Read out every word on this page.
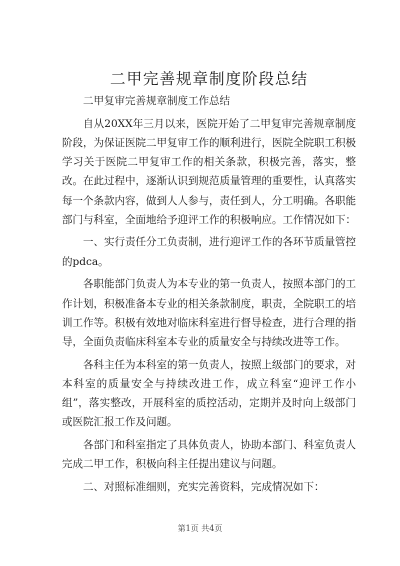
二甲完善规章制度阶段总结

二甲复审完善规章制度工作总结

自从20XX年三月以来，医院开始了二甲复审完善规章制度阶段，为保证医院二甲复审工作的顺利进行，医院全院职工积极学习关于医院二甲复审工作的相关条款，积极完善，落实，整改。在此过程中，逐渐认识到规范质量管理的重要性，认真落实每一个条款内容，做到人人参与，责任到人，分工明确。各职能部门与科室，全面地给予迎评工作的积极响应。工作情况如下：

一、实行责任分工负责制，进行迎评工作的各环节质量管控的pdca。

各职能部门负责人为本专业的第一负责人，按照本部门的工作计划，积极准备本专业的相关条款制度，职责，全院职工的培训工作等。积极有效地对临床科室进行督导检查，进行合理的指导，全面负责临床科室本专业的质量安全与持续改进等工作。

各科主任为本科室的第一负责人，按照上级部门的要求，对本科室的质量安全与持续改进工作，成立科室“迎评工作小组”，落实整改，开展科室的质控活动，定期并及时向上级部门或医院汇报工作及问题。

各部门和科室指定了具体负责人，协助本部门、科室负责人完成二甲工作，积极向科主任提出建议与问题。

二、对照标准细则，充实完善资料，完成情况如下：

第1页 共4页
